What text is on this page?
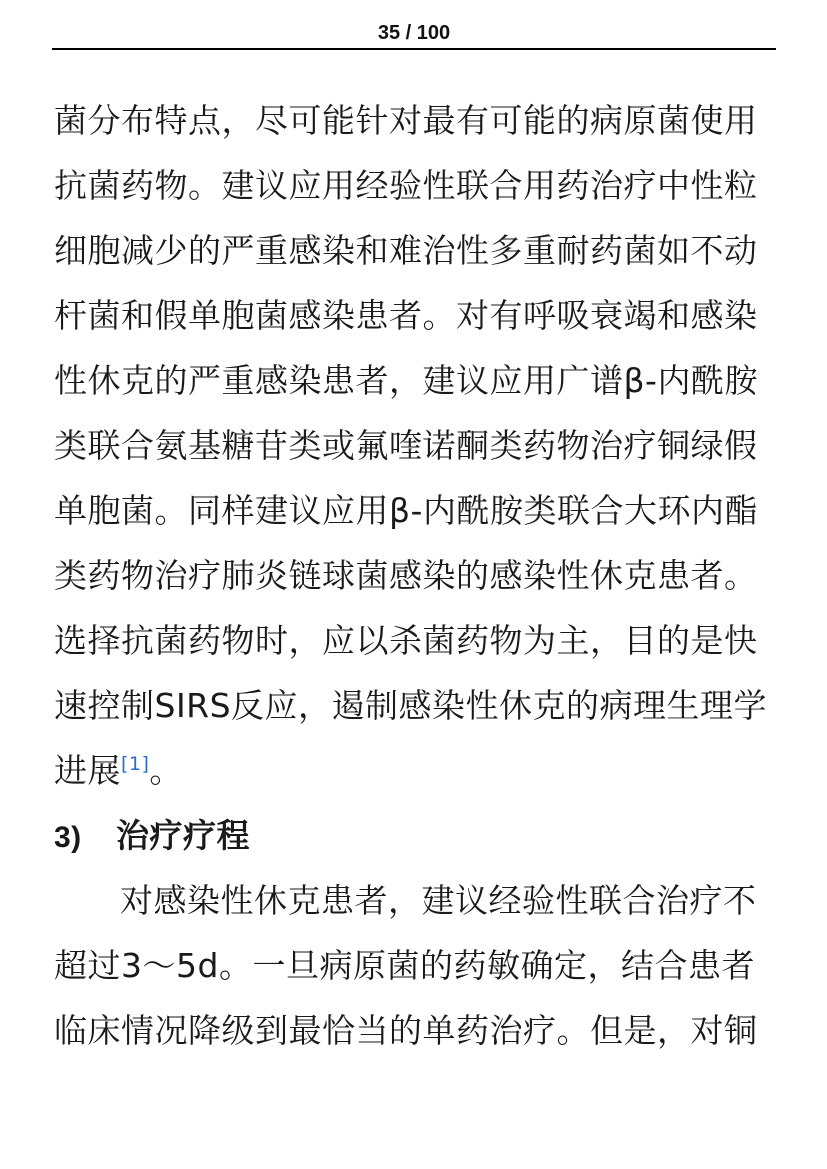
35 / 100
菌分布特点，尽可能针对最有可能的病原菌使用
抗菌药物。建议应用经验性联合用药治疗中性粒
细胞减少的严重感染和难治性多重耐药菌如不动
杆菌和假单胞菌感染患者。对有呼吸衰竭和感染
性休克的严重感染患者，建议应用广谱β-内酰胺
类联合氨基糖苷类或氟喹诺酮类药物治疗铜绿假
单胞菌。同样建议应用β-内酰胺类联合大环内酯
类药物治疗肺炎链球菌感染的感染性休克患者。
选择抗菌药物时，应以杀菌药物为主，目的是快
速控制SIRS反应，遏制感染性休克的病理生理学
进展[1]。
3) 治疗疗程
对感染性休克患者，建议经验性联合治疗不
超过3～5d。一旦病原菌的药敏确定，结合患者
临床情况降级到最恰当的单药治疗。但是，对铜
